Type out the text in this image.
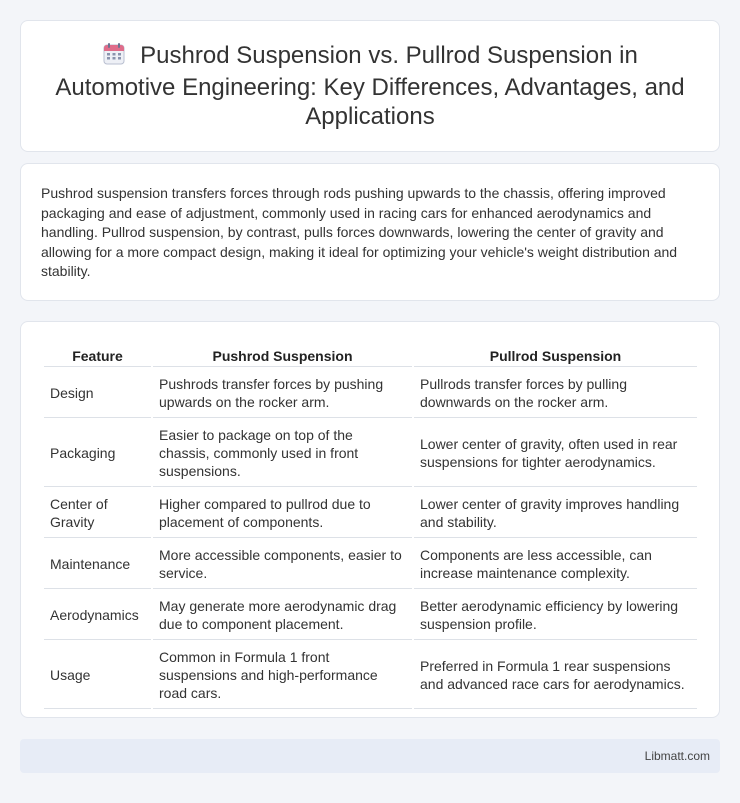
Pushrod Suspension vs. Pullrod Suspension in Automotive Engineering: Key Differences, Advantages, and Applications

Pushrod suspension transfers forces through rods pushing upwards to the chassis, offering improved packaging and ease of adjustment, commonly used in racing cars for enhanced aerodynamics and handling. Pullrod suspension, by contrast, pulls forces downwards, lowering the center of gravity and allowing for a more compact design, making it ideal for optimizing your vehicle's weight distribution and stability.

Feature	Pushrod Suspension	Pullrod Suspension
Design	Pushrods transfer forces by pushing upwards on the rocker arm.	Pullrods transfer forces by pulling downwards on the rocker arm.
Packaging	Easier to package on top of the chassis, commonly used in front suspensions.	Lower center of gravity, often used in rear suspensions for tighter aerodynamics.
Center of Gravity	Higher compared to pullrod due to placement of components.	Lower center of gravity improves handling and stability.
Maintenance	More accessible components, easier to service.	Components are less accessible, can increase maintenance complexity.
Aerodynamics	May generate more aerodynamic drag due to component placement.	Better aerodynamic efficiency by lowering suspension profile.
Usage	Common in Formula 1 front suspensions and high-performance road cars.	Preferred in Formula 1 rear suspensions and advanced race cars for aerodynamics.
Libmatt.com
